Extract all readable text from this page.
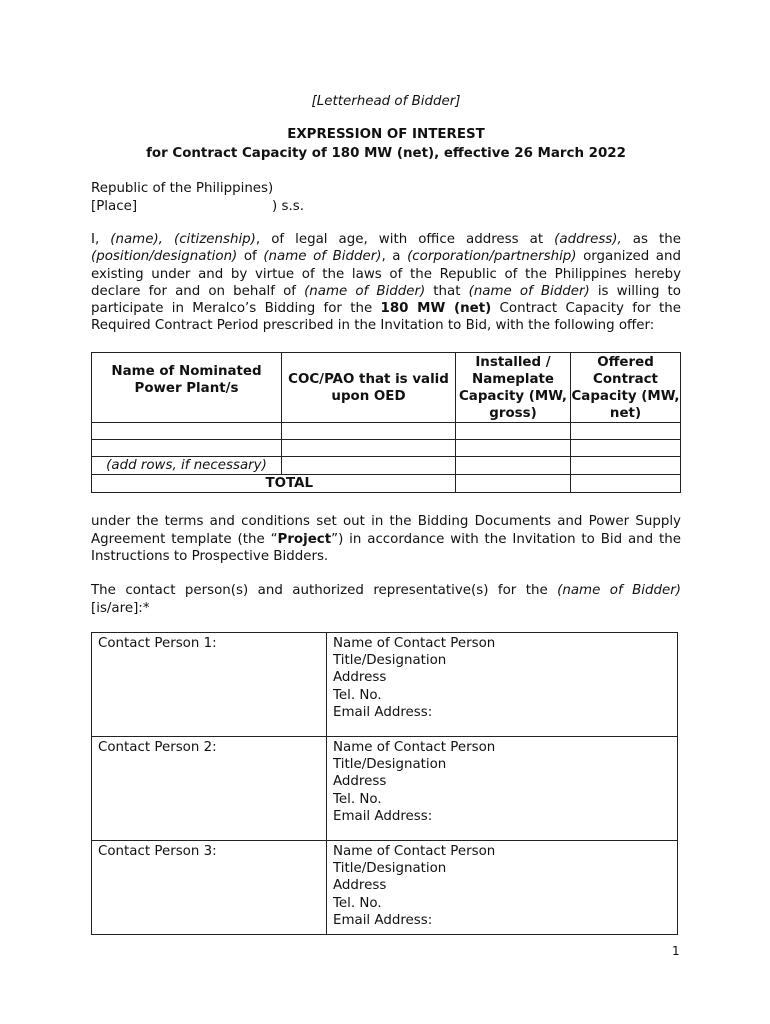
[Letterhead of Bidder]
EXPRESSION OF INTEREST
for Contract Capacity of 180 MW (net), effective 26 March 2022
Republic of the Philippines)
[Place]	) s.s.
I, (name), (citizenship), of legal age, with office address at (address), as the (position/designation) of (name of Bidder), a (corporation/partnership) organized and existing under and by virtue of the laws of the Republic of the Philippines hereby declare for and on behalf of (name of Bidder) that (name of Bidder) is willing to participate in Meralco’s Bidding for the 180 MW (net) Contract Capacity for the Required Contract Period prescribed in the Invitation to Bid, with the following offer:
Name of Nominated Power Plant/s	COC/PAO that is valid upon OED	Installed / Nameplate Capacity (MW, gross)	Offered Contract Capacity (MW, net)

(add rows, if necessary)			
TOTAL			
under the terms and conditions set out in the Bidding Documents and Power Supply Agreement template (the “Project”) in accordance with the Invitation to Bid and the Instructions to Prospective Bidders.
The contact person(s) and authorized representative(s) for the (name of Bidder) [is/are]:*
Contact Person 1:	Name of Contact Person
Title/Designation
Address
Tel. No.
Email Address:

Contact Person 2:	Name of Contact Person
Title/Designation
Address
Tel. No.
Email Address:

Contact Person 3:	Name of Contact Person
Title/Designation
Address
Tel. No.
Email Address:
1
